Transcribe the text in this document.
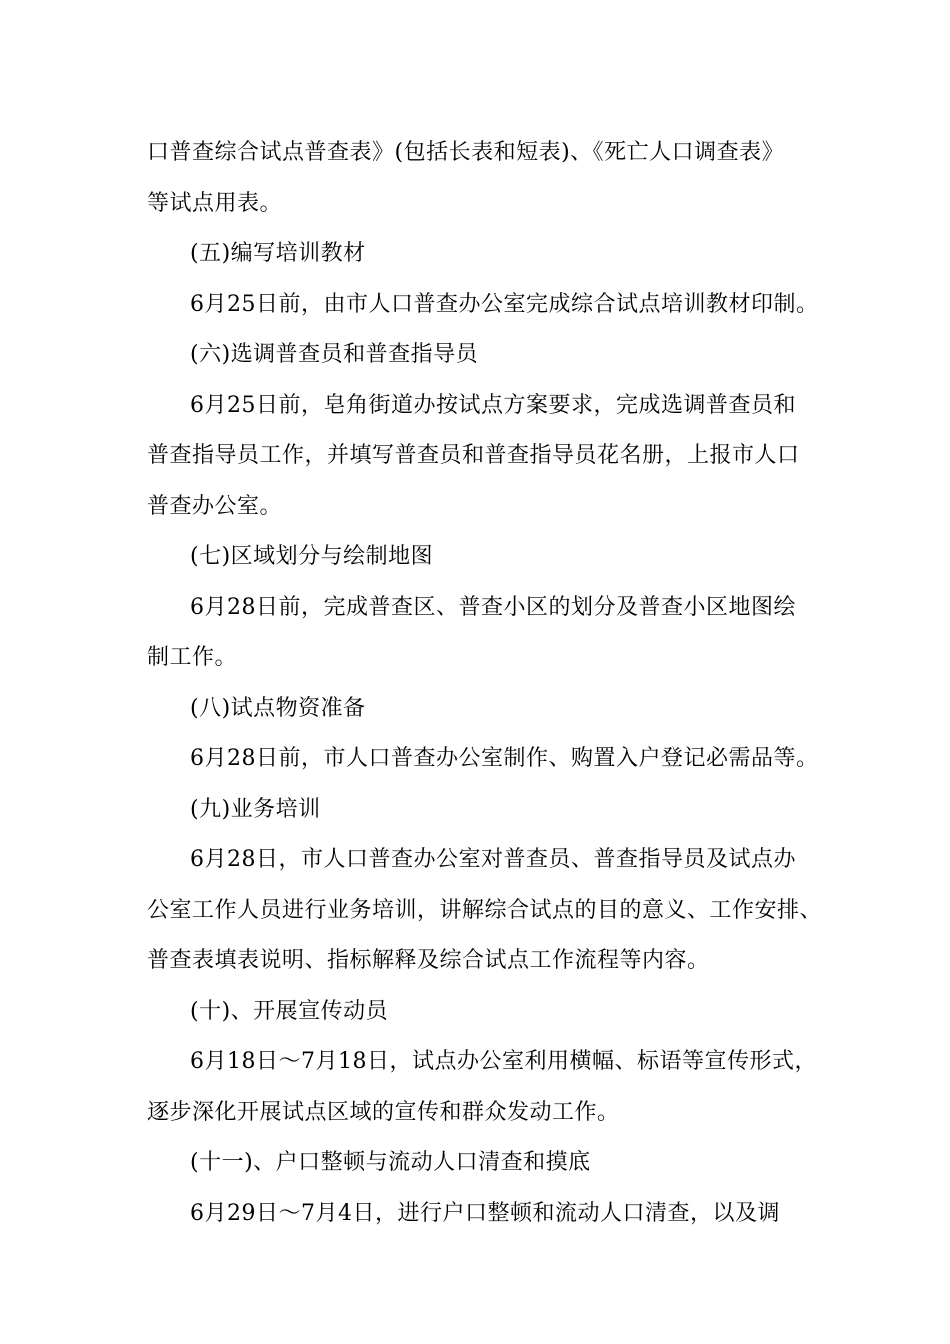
口普查综合试点普查表》(包括长表和短表)、《死亡人口调查表》
等试点用表。
(五)编写培训教材
6月25日前，由市人口普查办公室完成综合试点培训教材印制。
(六)选调普查员和普查指导员
6月25日前，皂角街道办按试点方案要求，完成选调普查员和
普查指导员工作，并填写普查员和普查指导员花名册，上报市人口
普查办公室。
(七)区域划分与绘制地图
6月28日前，完成普查区、普查小区的划分及普查小区地图绘
制工作。
(八)试点物资准备
6月28日前，市人口普查办公室制作、购置入户登记必需品等。
(九)业务培训
6月28日，市人口普查办公室对普查员、普查指导员及试点办
公室工作人员进行业务培训，讲解综合试点的目的意义、工作安排、
普查表填表说明、指标解释及综合试点工作流程等内容。
(十)、开展宣传动员
6月18日～7月18日，试点办公室利用横幅、标语等宣传形式，
逐步深化开展试点区域的宣传和群众发动工作。
(十一)、户口整顿与流动人口清查和摸底
6月29日～7月4日，进行户口整顿和流动人口清查，以及调
